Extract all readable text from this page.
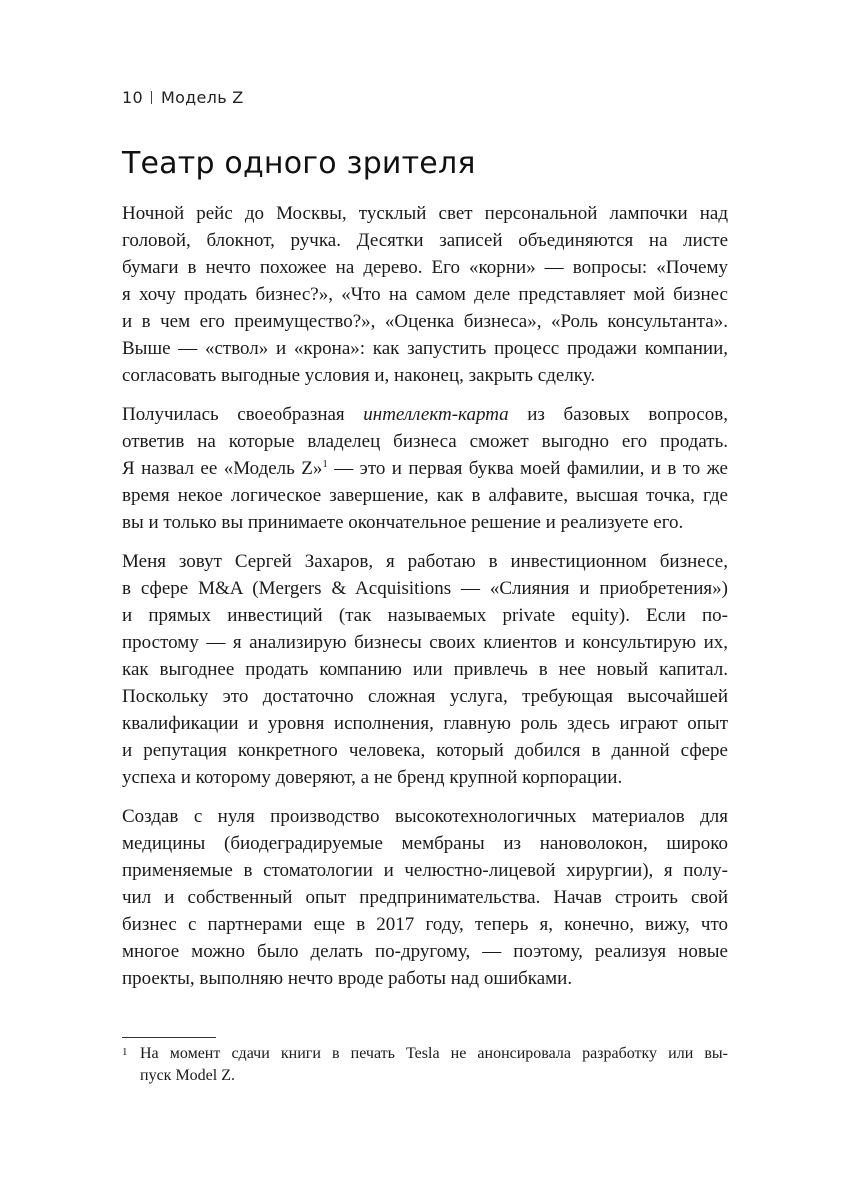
10 Модель Z
Театр одного зрителя

Ночной рейс до Москвы, тусклый свет персональной лампочки над
головой, блокнот, ручка. Десятки записей объединяются на листе
бумаги в нечто похожее на дерево. Его «корни» — вопросы: «Почему
я хочу продать бизнес?», «Что на самом деле представляет мой бизнес
и в чем его преимущество?», «Оценка бизнеса», «Роль консультанта».
Выше — «ствол» и «крона»: как запустить процесс продажи компании,
согласовать выгодные условия и, наконец, закрыть сделку.

Получилась своеобразная интеллект-карта из базовых вопросов,
ответив на которые владелец бизнеса сможет выгодно его продать.
Я назвал ее «Модель Z»$^1$ — это и первая буква моей фамилии, и в то же
время некое логическое завершение, как в алфавите, высшая точка, где
вы и только вы принимаете окончательное решение и реализуете его.

Меня зовут Сергей Захаров, я работаю в инвестиционном бизнесе,
в сфере M&A (Mergers & Acquisitions — «Слияния и приобретения»)
и прямых инвестиций (так называемых private equity). Если по-
простому — я анализирую бизнесы своих клиентов и консультирую их,
как выгоднее продать компанию или привлечь в нее новый капитал.
Поскольку это достаточно сложная услуга, требующая высочайшей
квалификации и уровня исполнения, главную роль здесь играют опыт
и репутация конкретного человека, который добился в данной сфере
успеха и которому доверяют, а не бренд крупной корпорации.

Создав с нуля производство высокотехнологичных материалов для
медицины (биодеградируемые мембраны из нановолокон, широко
применяемые в стоматологии и челюстно-лицевой хирургии), я полу-
чил и собственный опыт предпринимательства. Начав строить свой
бизнес с партнерами еще в 2017 году, теперь я, конечно, вижу, что
многое можно было делать по-другому, — поэтому, реализуя новые
проекты, выполняю нечто вроде работы над ошибками.

1 На момент сдачи книги в печать Tesla не анонсировала разработку или вы-
пуск Model Z.
